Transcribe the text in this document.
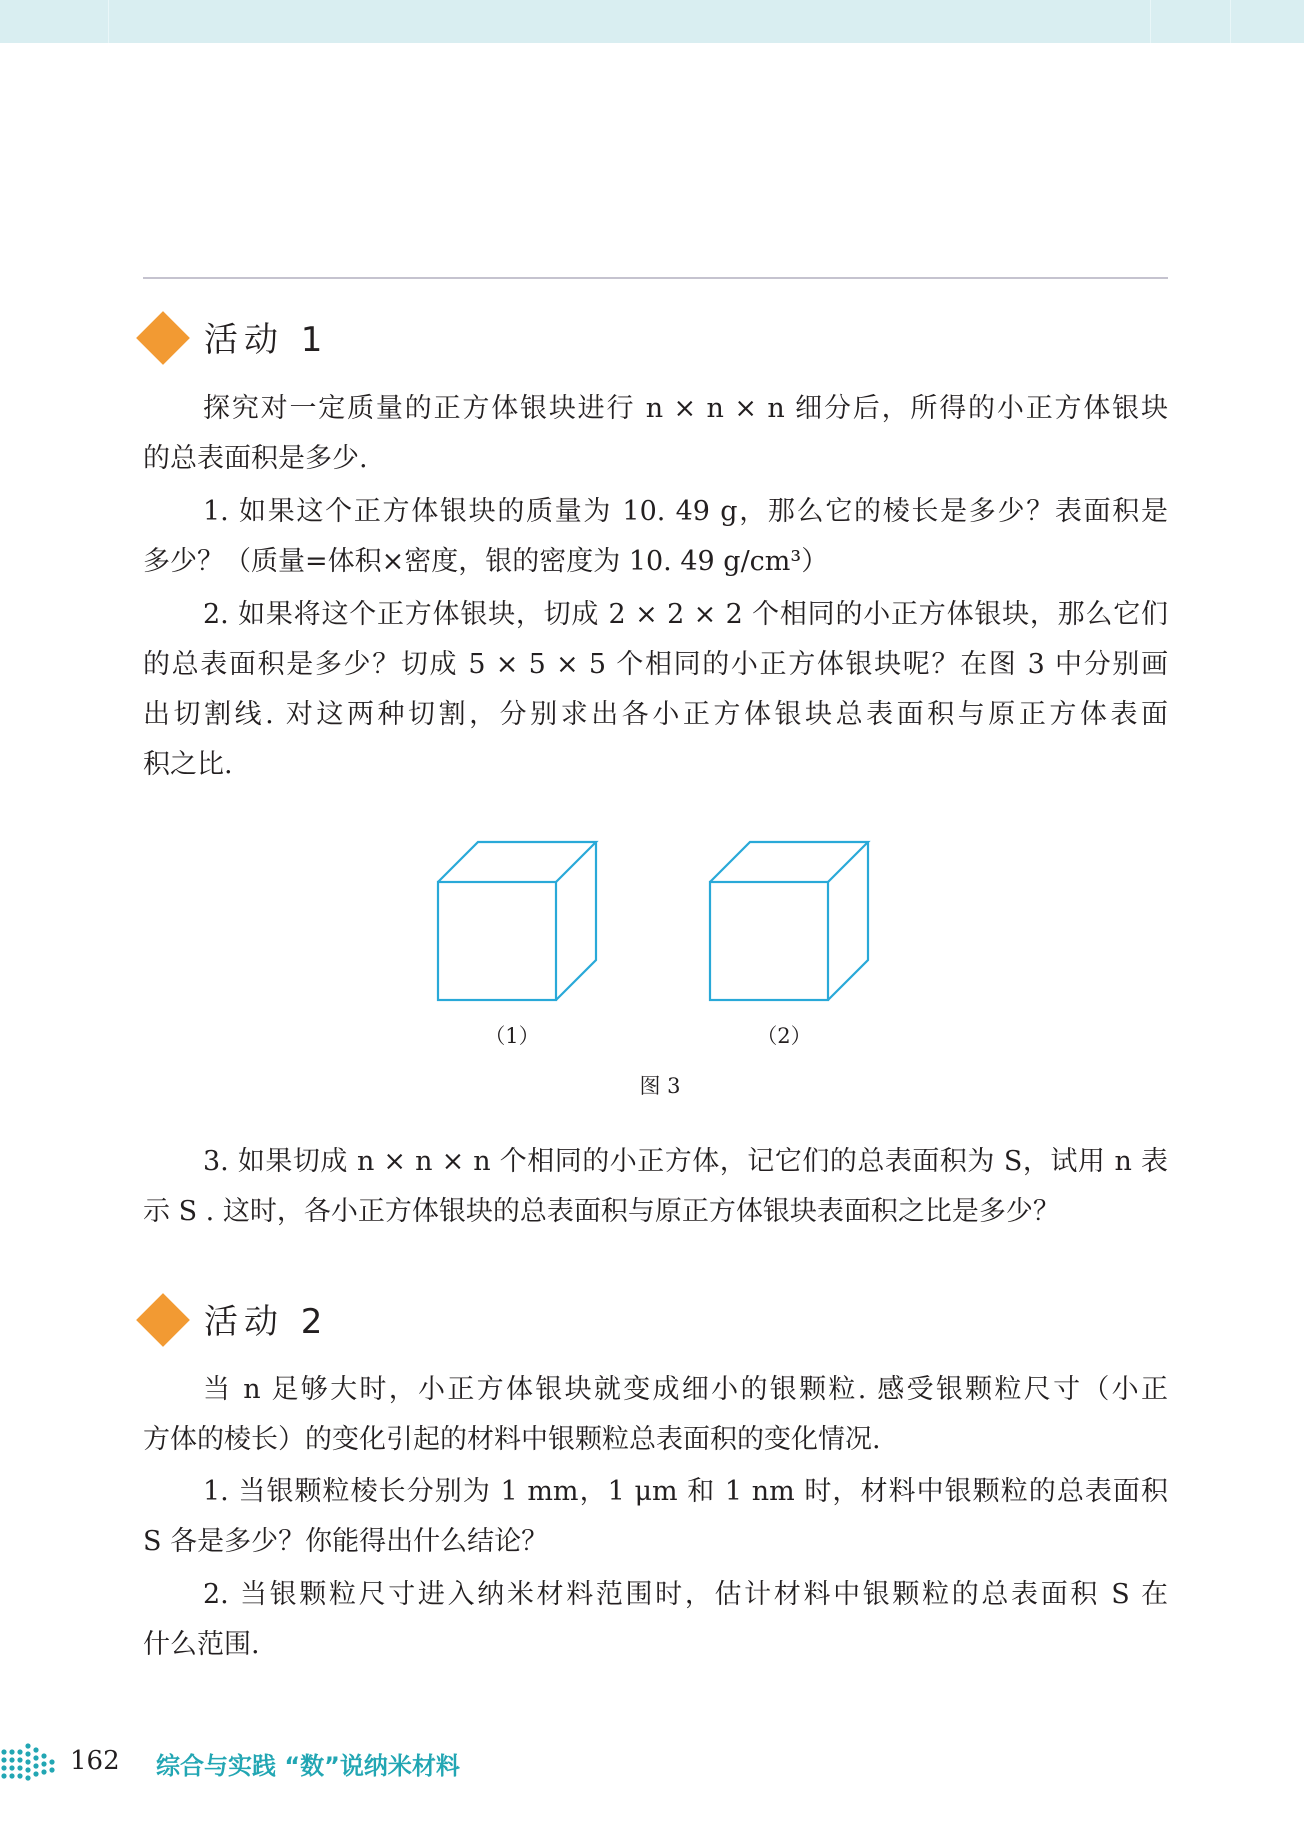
活动 1
探究对一定质量的正方体银块进行 n × n × n 细分后，所得的小正方体银块
的总表面积是多少.
1. 如果这个正方体银块的质量为 10. 49 g，那么它的棱长是多少？表面积是
多少？（质量=体积×密度，银的密度为 10. 49 g/cm³）
2. 如果将这个正方体银块，切成 2 × 2 × 2 个相同的小正方体银块，那么它们
的总表面积是多少？切成 5 × 5 × 5 个相同的小正方体银块呢？在图 3 中分别画
出切割线. 对这两种切割，分别求出各小正方体银块总表面积与原正方体表面
积之比.
（1）	（2）
图 3
3. 如果切成 n × n × n 个相同的小正方体，记它们的总表面积为 S，试用 n 表
示 S . 这时，各小正方体银块的总表面积与原正方体银块表面积之比是多少？
活动 2
当 n 足够大时，小正方体银块就变成细小的银颗粒. 感受银颗粒尺寸（小正
方体的棱长）的变化引起的材料中银颗粒总表面积的变化情况.
1. 当银颗粒棱长分别为 1 mm，1 μm 和 1 nm 时，材料中银颗粒的总表面积
S 各是多少？你能得出什么结论？
2. 当银颗粒尺寸进入纳米材料范围时，估计材料中银颗粒的总表面积 S 在
什么范围.
162 综合与实践 “数”说纳米材料
